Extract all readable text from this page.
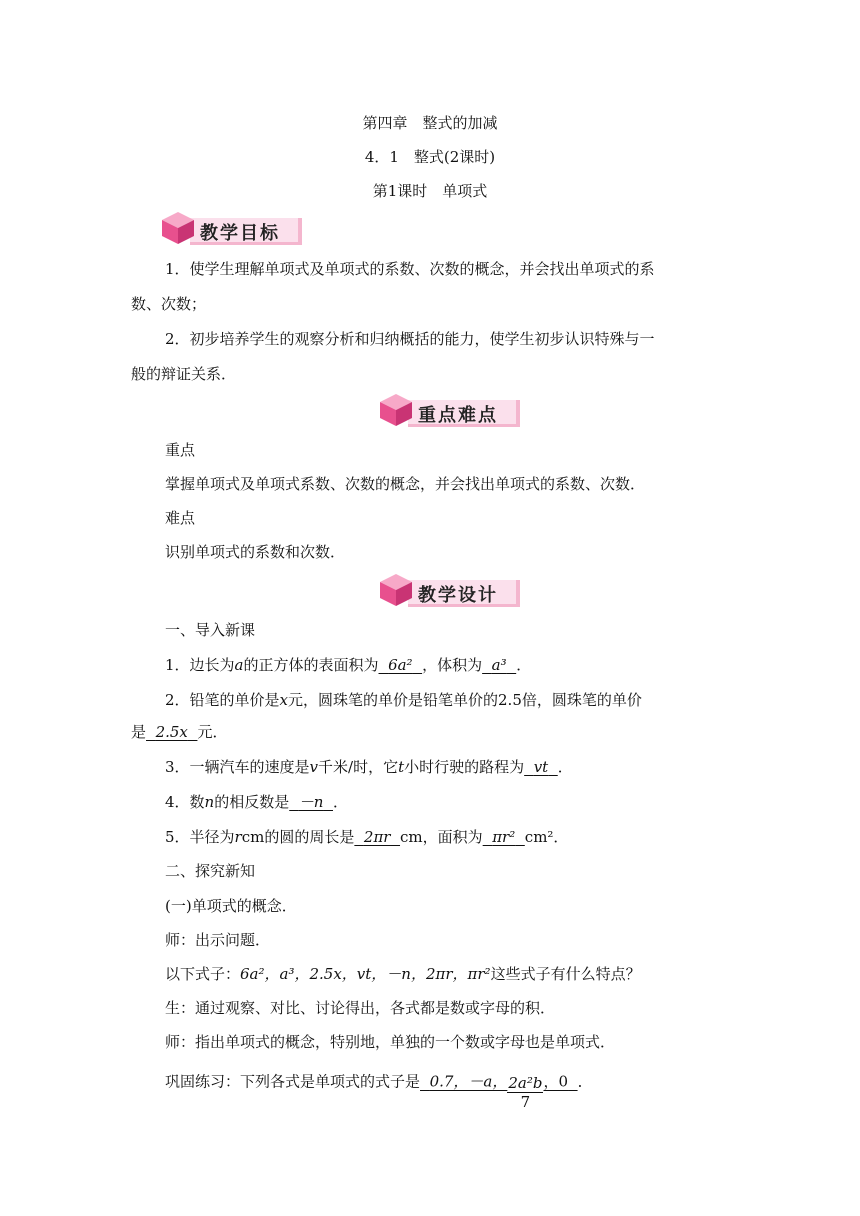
第四章　整式的加减
4．1　整式(2课时)
第1课时　单项式
教学目标
1．使学生理解单项式及单项式的系数、次数的概念，并会找出单项式的系
数、次数；
2．初步培养学生的观察分析和归纳概括的能力，使学生初步认识特殊与一
般的辩证关系．
重点难点
重点
掌握单项式及单项式系数、次数的概念，并会找出单项式的系数、次数．
难点
识别单项式的系数和次数．
教学设计
一、导入新课
1．边长为a的正方体的表面积为 6a² ，体积为 a³ ．
2．铅笔的单价是x元，圆珠笔的单价是铅笔单价的2.5倍，圆珠笔的单价
是 2.5x 元．
3．一辆汽车的速度是v千米/时，它t小时行驶的路程为 vt ．
4．数n的相反数是 －n ．
5．半径为rcm的圆的周长是 2πr cm，面积为 πr² cm²．
二、探究新知
(一)单项式的概念．
师：出示问题．
以下式子：6a²，a³，2.5x，vt，－n，2πr，πr²这些式子有什么特点？
生：通过观察、对比、讨论得出，各式都是数或字母的积．
师：指出单项式的概念，特别地，单独的一个数或字母也是单项式．
巩固练习：下列各式是单项式的式子是 0.7，－a， $\frac{\text{2a²b}}{7}$ ，0 ．
